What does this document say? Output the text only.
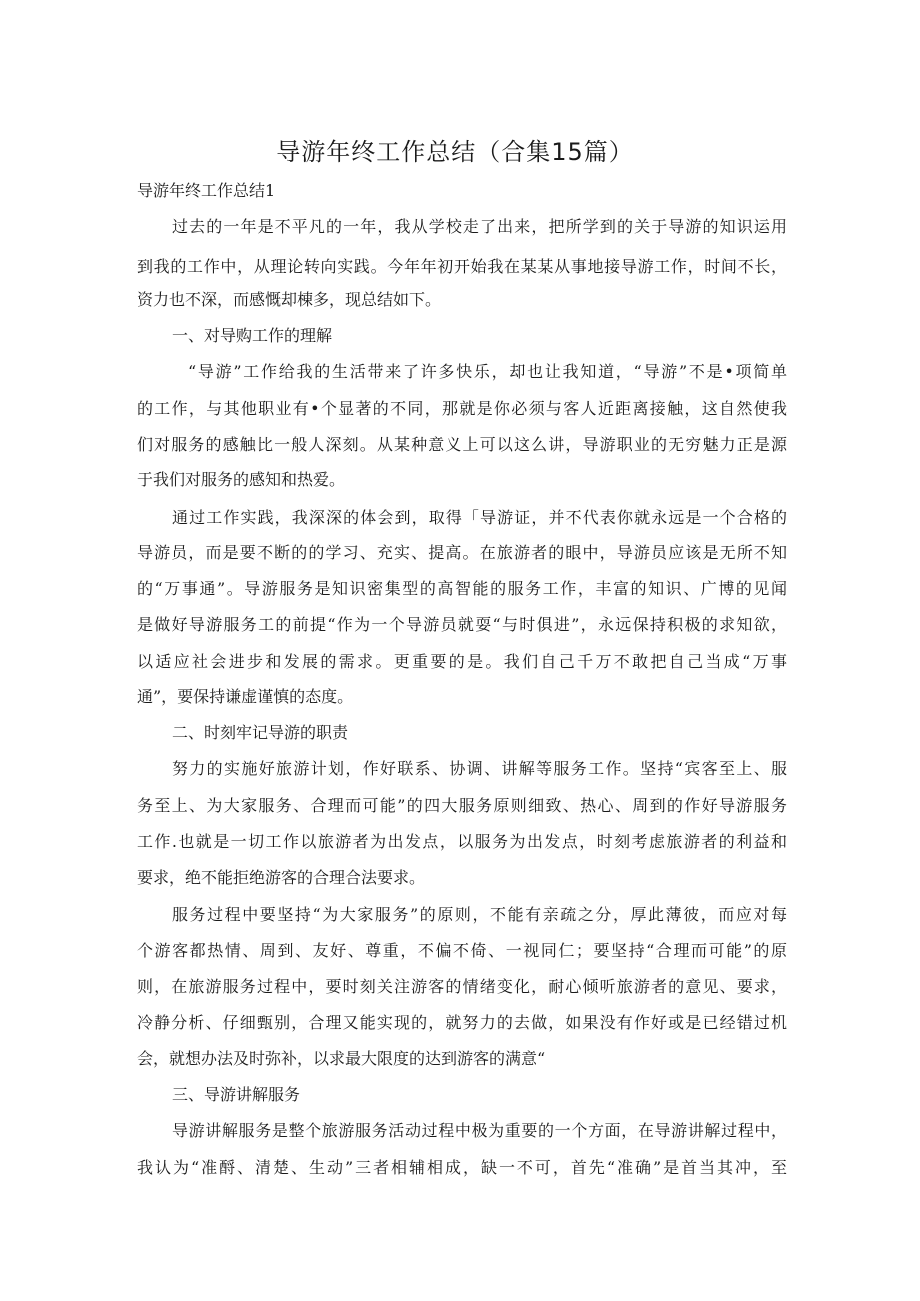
导游年终工作总结（合集15篇）

导游年终工作总结1

过去的一年是不平凡的一年，我从学校走了出来，把所学到的关于导游的知识运用

到我的工作中，从理论转向实践。今年年初开始我在某某从事地接导游工作，时间不长，

资力也不深，而感慨却棟多，现总结如下。

一、对导购工作的理解

“导游”工作给我的生活带来了许多快乐，却也让我知道，“导游”不是•项简单

的工作，与其他职业有•个显著的不同，那就是你必须与客人近距离接触，这自然使我

们对服务的感触比一般人深刻。从某种意义上可以这么讲，导游职业的无穷魅力正是源

于我们对服务的感知和热爱。

通过工作实践，我深深的体会到，取得「导游证，并不代表你就永远是一个合格的

导游员，而是要不断的的学习、充实、提高。在旅游者的眼中，导游员应该是无所不知

的“万事通”。导游服务是知识密集型的高智能的服务工作，丰富的知识、广博的见闻

是做好导游服务工的前提“作为一个导游员就耍“与时俱进”，永远保持积极的求知欲，

以适应社会进步和发展的需求。更重要的是。我们自己千万不敢把自己当成“万事

通”，要保持谦虚谨慎的态度。

二、时刻牢记导游的职责

努力的实施好旅游计划，作好联系、协调、讲解等服务工作。坚持“宾客至上、服

务至上、为大家服务、合理而可能”的四大服务原则细致、热心、周到的作好导游服务

工作.也就是一切工作以旅游者为出发点，以服务为出发点，时刻考虑旅游者的利益和

要求，绝不能拒绝游客的合理合法要求。

服务过程中要坚持“为大家服务”的原则，不能有亲疏之分，厚此薄彼，而应对每

个游客都热情、周到、友好、尊重，不偏不倚、一视同仁；要坚持“合理而可能”的原

则，在旅游服务过程中，要时刻关注游客的情绪变化，耐心倾听旅游者的意见、要求，

冷静分析、仔细甄别，合理又能实现的，就努力的去做，如果没有作好或是已经错过机

会，就想办法及时弥补，以求最大限度的达到游客的满意“

三、导游讲解服务

导游讲解服务是整个旅游服务活动过程中极为重要的一个方面，在导游讲解过程中，

我认为“准酹、清楚、生动”三者相辅相成，缺一不可，首先“准确”是首当其冲，至
